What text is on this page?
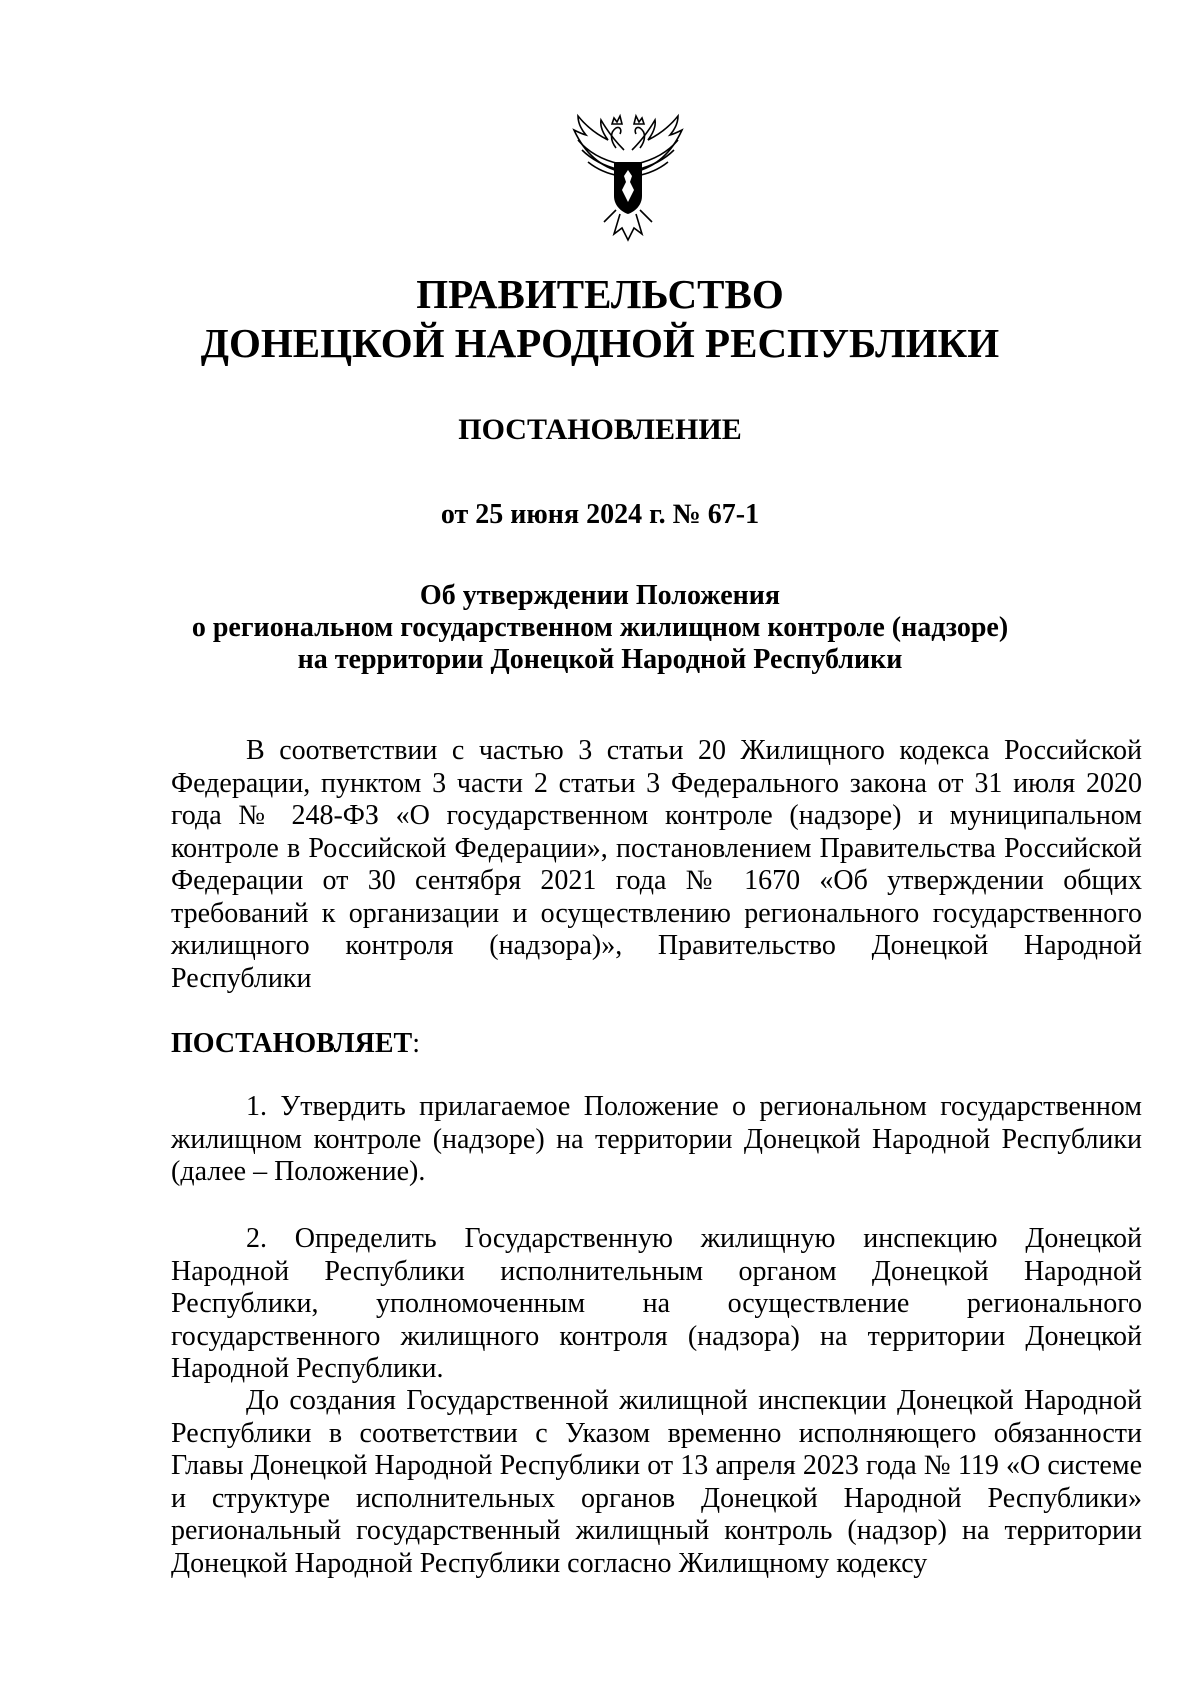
ПРАВИТЕЛЬСТВО
ДОНЕЦКОЙ НАРОДНОЙ РЕСПУБЛИКИ
ПОСТАНОВЛЕНИЕ
от 25 июня 2024 г. № 67-1
Об утверждении Положения
о региональном государственном жилищном контроле (надзоре)
на территории Донецкой Народной Республики

В соответствии с частью 3 статьи 20 Жилищного кодекса Российской Федерации, пунктом 3 части 2 статьи 3 Федерального закона от 31 июля 2020 года № 248-ФЗ «О государственном контроле (надзоре) и муниципальном контроле в Российской Федерации», постановлением Правительства Российской Федерации от 30 сентября 2021 года № 1670 «Об утверждении общих требований к организации и осуществлению регионального государственного жилищного контроля (надзора)», Правительство Донецкой Народной Республики

ПОСТАНОВЛЯЕТ:

1. Утвердить прилагаемое Положение о региональном государственном жилищном контроле (надзоре) на территории Донецкой Народной Республики (далее – Положение).

2. Определить Государственную жилищную инспекцию Донецкой Народной Республики исполнительным органом Донецкой Народной Республики, уполномоченным на осуществление регионального государственного жилищного контроля (надзора) на территории Донецкой Народной Республики.

До создания Государственной жилищной инспекции Донецкой Народной Республики в соответствии с Указом временно исполняющего обязанности Главы Донецкой Народной Республики от 13 апреля 2023 года № 119 «О системе и структуре исполнительных органов Донецкой Народной Республики» региональный государственный жилищный контроль (надзор) на территории Донецкой Народной Республики согласно Жилищному кодексу
